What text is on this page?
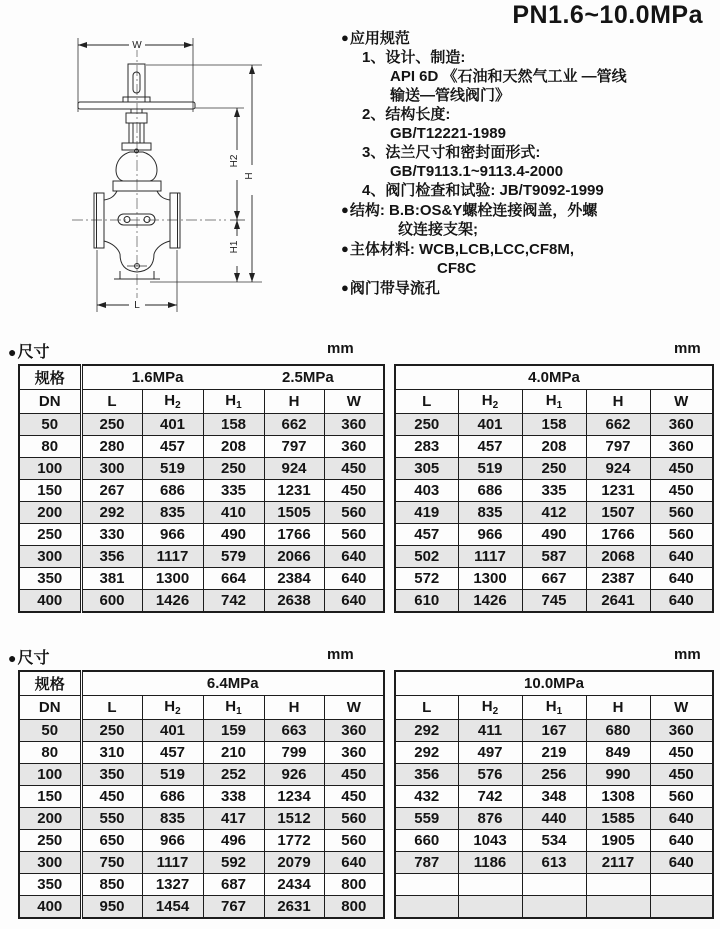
PN1.6~10.0MPa
W
H
H2
H1
L
●应用规范
1、设计、制造:
API 6D 《石油和天然气工业 —管线
输送—管线阀门》
2、结构长度:
GB/T12221-1989
3、法兰尺寸和密封面形式:
GB/T9113.1~9113.4-2000
4、阀门检查和试验: JB/T9092-1999
●结构: B.B:OS&Y螺栓连接阀盖，外螺
纹连接支架;
●主体材料: WCB,LCB,LCC,CF8M,
CF8C
●阀门带导流孔
●尺寸	mm	mm
规格	1.6MPa 2.5MPa				

DN	L	$H_2$	$H_1$	H	W
50	250	401	158	662	360
80	280	457	208	797	360
100	300	519	250	924	450
150	267	686	335	1231	450
200	292	835	410	1505	560
250	330	966	490	1766	560
300	356	1117	579	2066	640
350	381	1300	664	2384	640
400	600	1426	742	2638	640
4.0MPa				

L	$H_2$	$H_1$	H	W
250	401	158	662	360
283	457	208	797	360
305	519	250	924	450
403	686	335	1231	450
419	835	412	1507	560
457	966	490	1766	560
502	1117	587	2068	640
572	1300	667	2387	640
610	1426	745	2641	640
●尺寸	mm	mm
规格	6.4MPa				

DN	L	$H_2$	$H_1$	H	W
50	250	401	159	663	360
80	310	457	210	799	360
100	350	519	252	926	450
150	450	686	338	1234	450
200	550	835	417	1512	560
250	650	966	496	1772	560
300	750	1117	592	2079	640
350	850	1327	687	2434	800
400	950	1454	767	2631	800
10.0MPa				

L	$H_2$	$H_1$	H	W
292	411	167	680	360
292	497	219	849	450
356	576	256	990	450
432	742	348	1308	560
559	876	440	1585	640
660	1043	534	1905	640
787	1186	613	2117	640
